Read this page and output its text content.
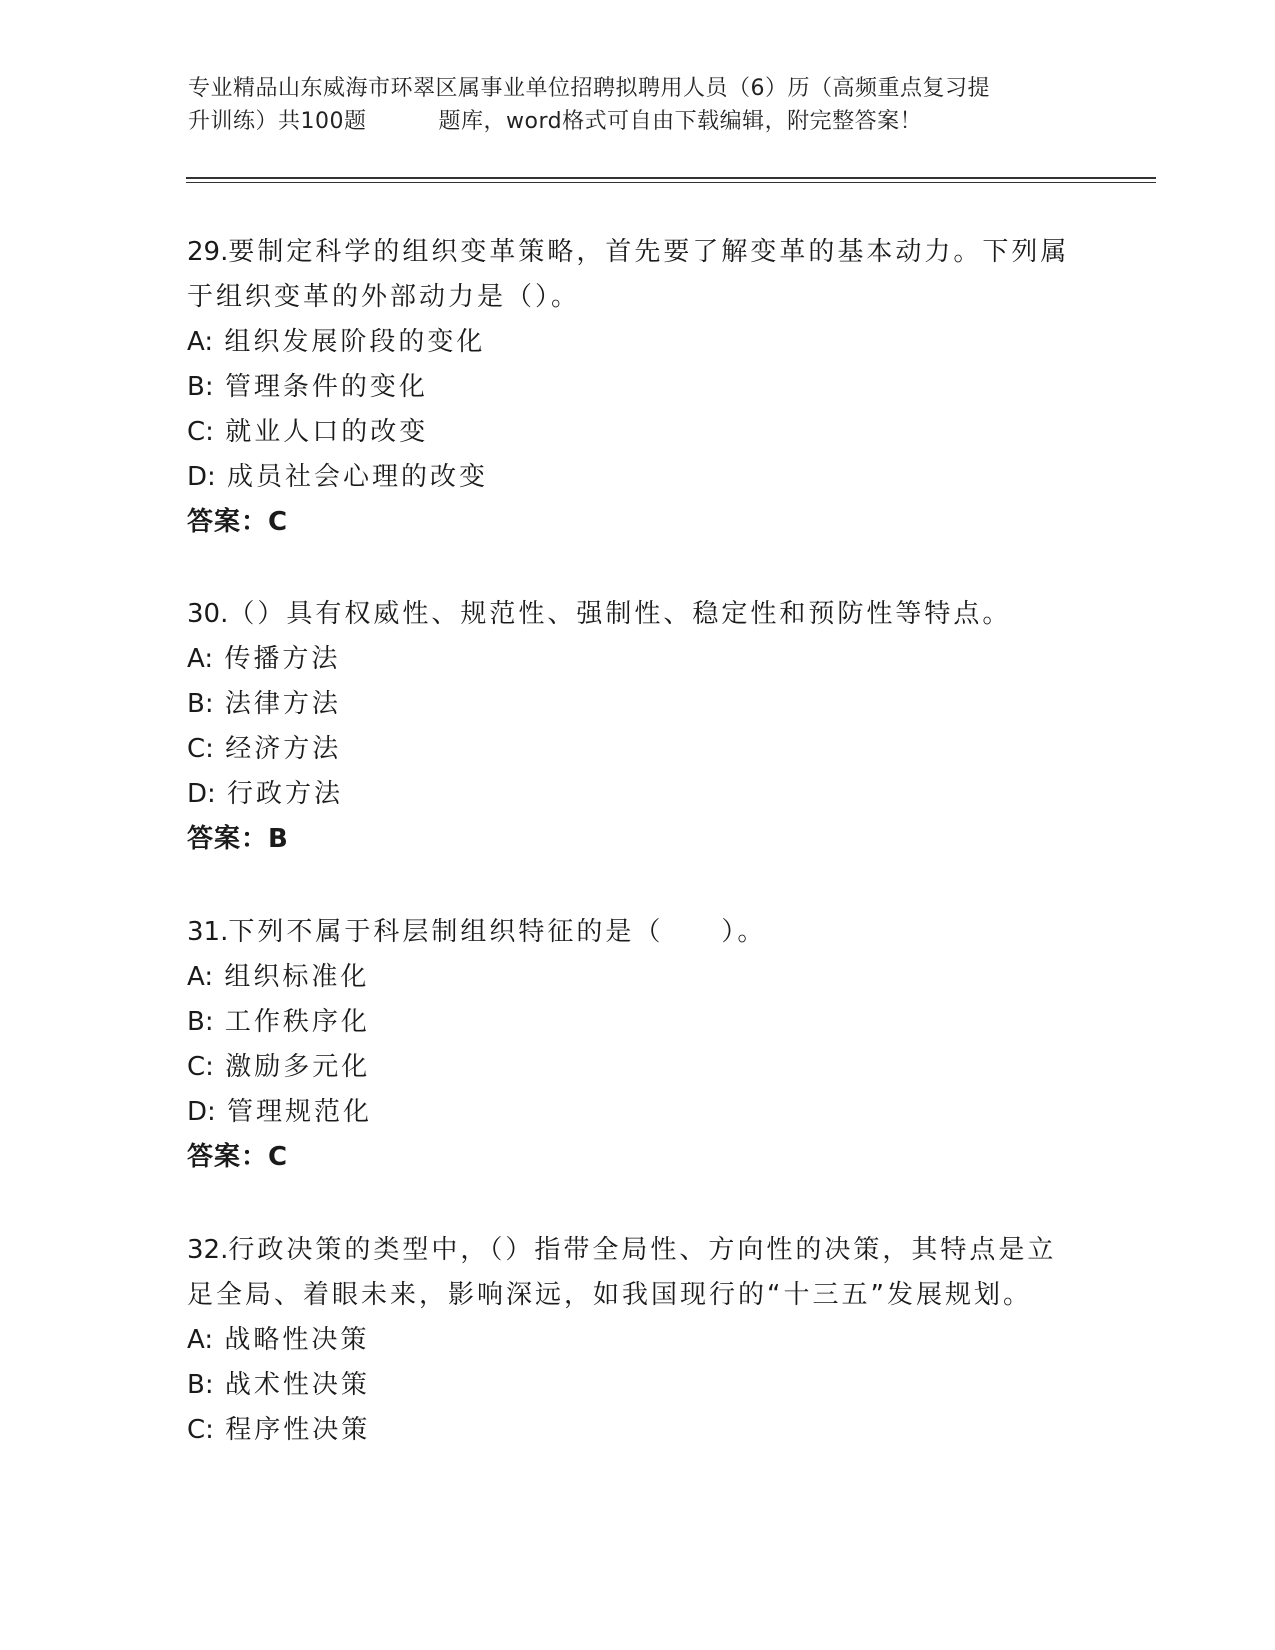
专业精品山东威海市环翠区属事业单位招聘拟聘用人员（6）历（高频重点复习提
升训练）共100题	题库，word格式可自由下载编辑，附完整答案！
29.要制定科学的组织变革策略，首先要了解变革的基本动力。下列属
于组织变革的外部动力是（）。
A: 组织发展阶段的变化
B: 管理条件的变化
C: 就业人口的改变
D: 成员社会心理的改变
答案：C
30.（）具有权威性、规范性、强制性、稳定性和预防性等特点。
A: 传播方法
B: 法律方法
C: 经济方法
D: 行政方法
答案：B
31.下列不属于科层制组织特征的是（　　）。
A: 组织标准化
B: 工作秩序化
C: 激励多元化
D: 管理规范化
答案：C
32.行政决策的类型中，（）指带全局性、方向性的决策，其特点是立
足全局、着眼未来，影响深远，如我国现行的“十三五”发展规划。
A: 战略性决策
B: 战术性决策
C: 程序性决策
